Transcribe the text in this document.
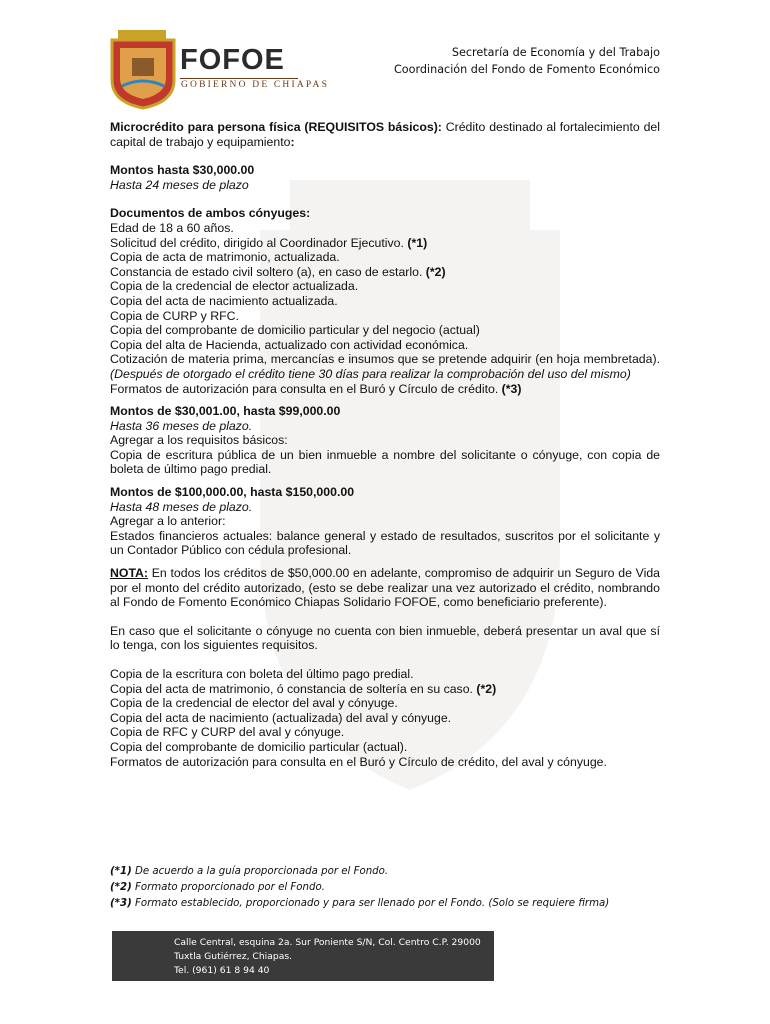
FOFOE
GOBIERNO DE CHIAPAS
Secretaría de Economía y del Trabajo
Coordinación del Fondo de Fomento Económico

Microcrédito para persona física (REQUISITOS básicos): Crédito destinado al fortalecimiento del capital de trabajo y equipamiento:

Montos hasta $30,000.00

Hasta 24 meses de plazo

Documentos de ambos cónyuges:

Edad de 18 a 60 años.

Solicitud del crédito, dirigido al Coordinador Ejecutivo. (*1)

Copia de acta de matrimonio, actualizada.

Constancia de estado civil soltero (a), en caso de estarlo. (*2)

Copia de la credencial de elector actualizada.

Copia del acta de nacimiento actualizada.

Copia de CURP y RFC.

Copia del comprobante de domicilio particular y del negocio (actual)

Copia del alta de Hacienda, actualizado con actividad económica.

Cotización de materia prima, mercancías e insumos que se pretende adquirir (en hoja membretada). (Después de otorgado el crédito tiene 30 días para realizar la comprobación del uso del mismo)

Formatos de autorización para consulta en el Buró y Círculo de crédito. (*3)

Montos de $30,001.00, hasta $99,000.00

Hasta 36 meses de plazo.

Agregar a los requisitos básicos:

Copia de escritura pública de un bien inmueble a nombre del solicitante o cónyuge, con copia de boleta de último pago predial.

Montos de $100,000.00, hasta $150,000.00

Hasta 48 meses de plazo.

Agregar a lo anterior:

Estados financieros actuales: balance general y estado de resultados, suscritos por el solicitante y un Contador Público con cédula profesional.

NOTA: En todos los créditos de $50,000.00 en adelante, compromiso de adquirir un Seguro de Vida por el monto del crédito autorizado, (esto se debe realizar una vez autorizado el crédito, nombrando al Fondo de Fomento Económico Chiapas Solidario FOFOE, como beneficiario preferente).

En caso que el solicitante o cónyuge no cuenta con bien inmueble, deberá presentar un aval que sí lo tenga, con los siguientes requisitos.

Copia de la escritura con boleta del último pago predial.

Copia del acta de matrimonio, ó constancia de soltería en su caso. (*2)

Copia de la credencial de elector del aval y cónyuge.

Copia del acta de nacimiento (actualizada) del aval y cónyuge.

Copia de RFC y CURP del aval y cónyuge.

Copia del comprobante de domicilio particular (actual).

Formatos de autorización para consulta en el Buró y Círculo de crédito, del aval y cónyuge.

(*1) De acuerdo a la guía proporcionada por el Fondo.
(*2) Formato proporcionado por el Fondo.
(*3) Formato establecido, proporcionado y para ser llenado por el Fondo. (Solo se requiere firma)
Calle Central, esquina 2a. Sur Poniente S/N, Col. Centro C.P. 29000
Tuxtla Gutiérrez, Chiapas.
Tel. (961) 61 8 94 40
